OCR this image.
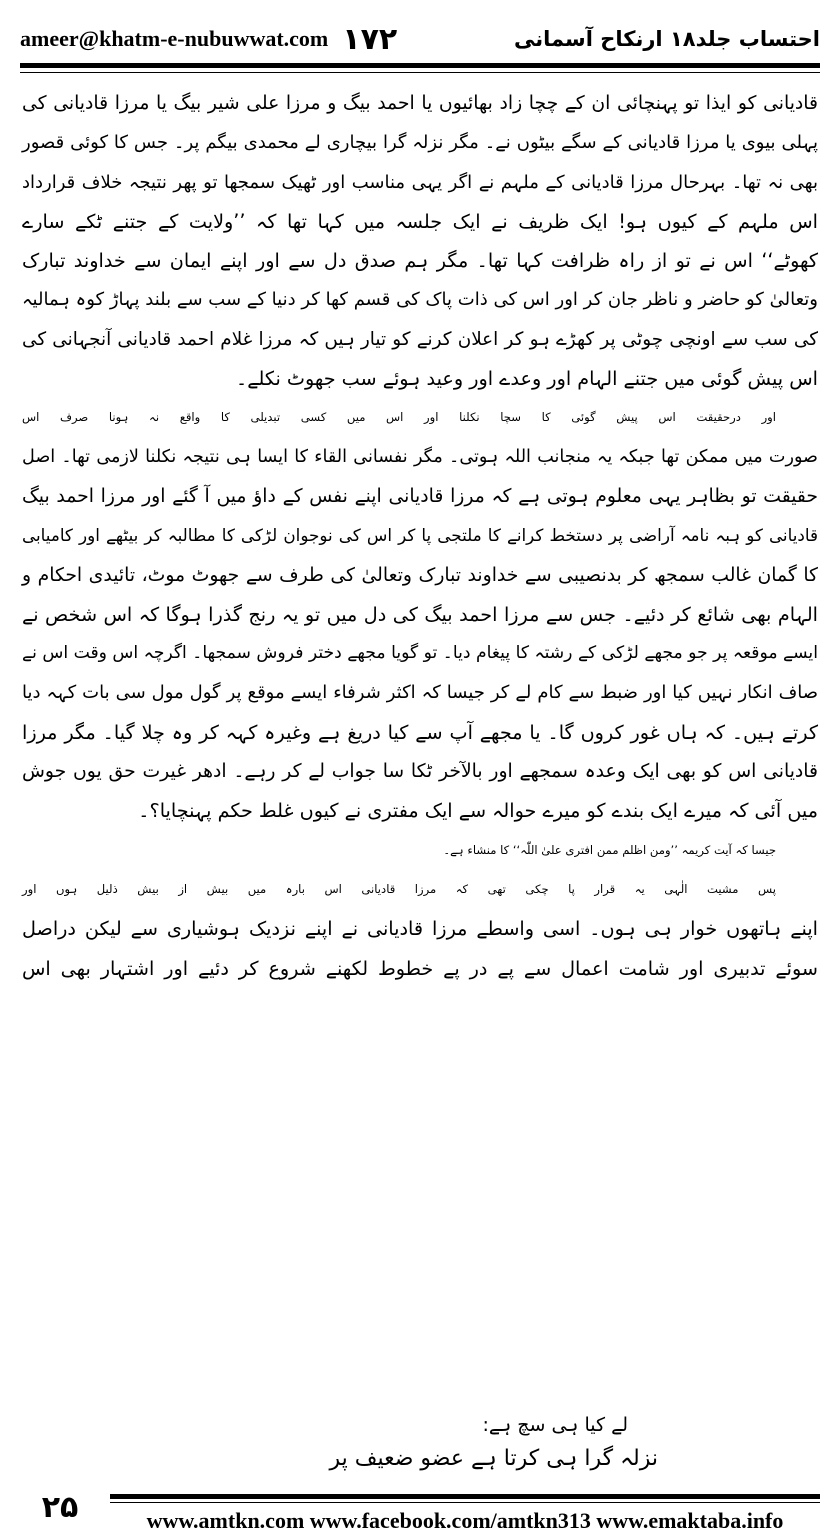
ameer@khatm-e-nubuwwat.com ۱۷۲	احتساب جلد۱۸ ارنکاح آسمانی
قادیانی کو ایذا تو پہنچائی ان کے چچا زاد بھائیوں یا احمد بیگ و مرزا علی شیر بیگ یا مرزا قادیانی کی
پہلی بیوی یا مرزا قادیانی کے سگے بیٹوں نے۔ مگر نزلہ گرا بیچاری لے محمدی بیگم پر۔ جس کا کوئی قصور
بھی نہ تھا۔ بہرحال مرزا قادیانی کے ملہم نے اگر یہی مناسب اور ٹھیک سمجھا تو پھر نتیجہ خلاف قرارداد
اس ملہم کے کیوں ہو! ایک ظریف نے ایک جلسہ میں کہا تھا کہ ’’ولایت کے جتنے ٹکے سارے
کھوٹے‘‘ اس نے تو از راہ ظرافت کہا تھا۔ مگر ہم صدق دل سے اور اپنے ایمان سے خداوند تبارک
وتعالیٰ کو حاضر و ناظر جان کر اور اس کی ذات پاک کی قسم کھا کر دنیا کے سب سے بلند پہاڑ کوہ ہمالیہ
کی سب سے اونچی چوٹی پر کھڑے ہو کر اعلان کرنے کو تیار ہیں کہ مرزا غلام احمد قادیانی آنجہانی کی
اس پیش گوئی میں جتنے الہام اور وعدے اور وعید ہوئے سب جھوٹ نکلے۔
اور درحقیقت اس پیش گوئی کا سچا نکلنا اور اس میں کسی تبدیلی کا واقع نہ ہونا صرف اس
صورت میں ممکن تھا جبکہ یہ منجانب اللہ ہوتی۔ مگر نفسانی القاء کا ایسا ہی نتیجہ نکلنا لازمی تھا۔ اصل
حقیقت تو بظاہر یہی معلوم ہوتی ہے کہ مرزا قادیانی اپنے نفس کے داؤ میں آ گئے اور مرزا احمد بیگ
قادیانی کو ہبہ نامہ آراضی پر دستخط کرانے کا ملتجی پا کر اس کی نوجوان لڑکی کا مطالبہ کر بیٹھے اور کامیابی
کا گمان غالب سمجھ کر بدنصیبی سے خداوند تبارک وتعالیٰ کی طرف سے جھوٹ موٹ، تائیدی احکام و
الہام بھی شائع کر دئیے۔ جس سے مرزا احمد بیگ کی دل میں تو یہ رنج گذرا ہوگا کہ اس شخص نے
ایسے موقعہ پر جو مجھے لڑکی کے رشتہ کا پیغام دیا۔ تو گویا مجھے دختر فروش سمجھا۔ اگرچہ اس وقت اس نے
صاف انکار نہیں کیا اور ضبط سے کام لے کر جیسا کہ اکثر شرفاء ایسے موقع پر گول مول سی بات کہہ دیا
کرتے ہیں۔ کہ ہاں غور کروں گا۔ یا مجھے آپ سے کیا دریغ ہے وغیرہ کہہ کر وہ چلا گیا۔ مگر مرزا
قادیانی اس کو بھی ایک وعدہ سمجھے اور بالآخر ٹکا سا جواب لے کر رہے۔ ادھر غیرت حق یوں جوش
میں آئی کہ میرے ایک بندے کو میرے حوالہ سے ایک مفتری نے کیوں غلط حکم پہنچایا؟۔
جیسا کہ آیت کریمہ ’’ومن اظلم ممن افتری علیٰ اللّٰہ‘‘ کا منشاء ہے۔
پس مشیت الٰہی یہ قرار پا چکی تھی کہ مرزا قادیانی اس بارہ میں بیش از بیش ذلیل ہوں اور
اپنے ہاتھوں خوار ہی ہوں۔ اسی واسطے مرزا قادیانی نے اپنے نزدیک ہوشیاری سے لیکن دراصل
سوئے تدبیری اور شامت اعمال سے پے در پے خطوط لکھنے شروع کر دئیے اور اشتہار بھی اس
لے کیا ہی سچ ہے:
نزلہ گرا ہی کرتا ہے عضو ضعیف پر
۲۵	www.amtkn.com www.facebook.com/amtkn313 www.emaktaba.info
